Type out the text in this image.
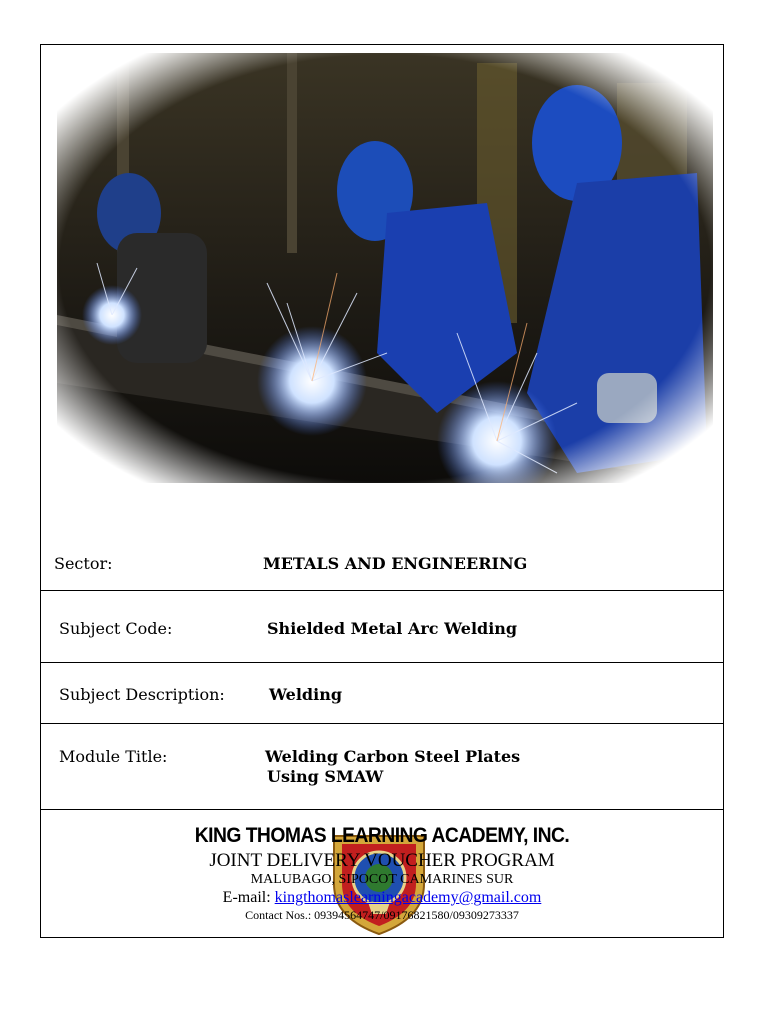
Sector:	METALS AND ENGINEERING
Subject Code:	Shielded Metal Arc Welding
Subject Description:	Welding
Module Title:	Welding Carbon Steel Plates
Using SMAW
KING THOMAS LEARNING ACADEMY, INC.
JOINT DELIVERY VOUCHER PROGRAM
MALUBAGO, SIPOCOT CAMARINES SUR
E-mail: kingthomaslearningacademy@gmail.com
Contact Nos.: 09394564747/09176821580/09309273337
